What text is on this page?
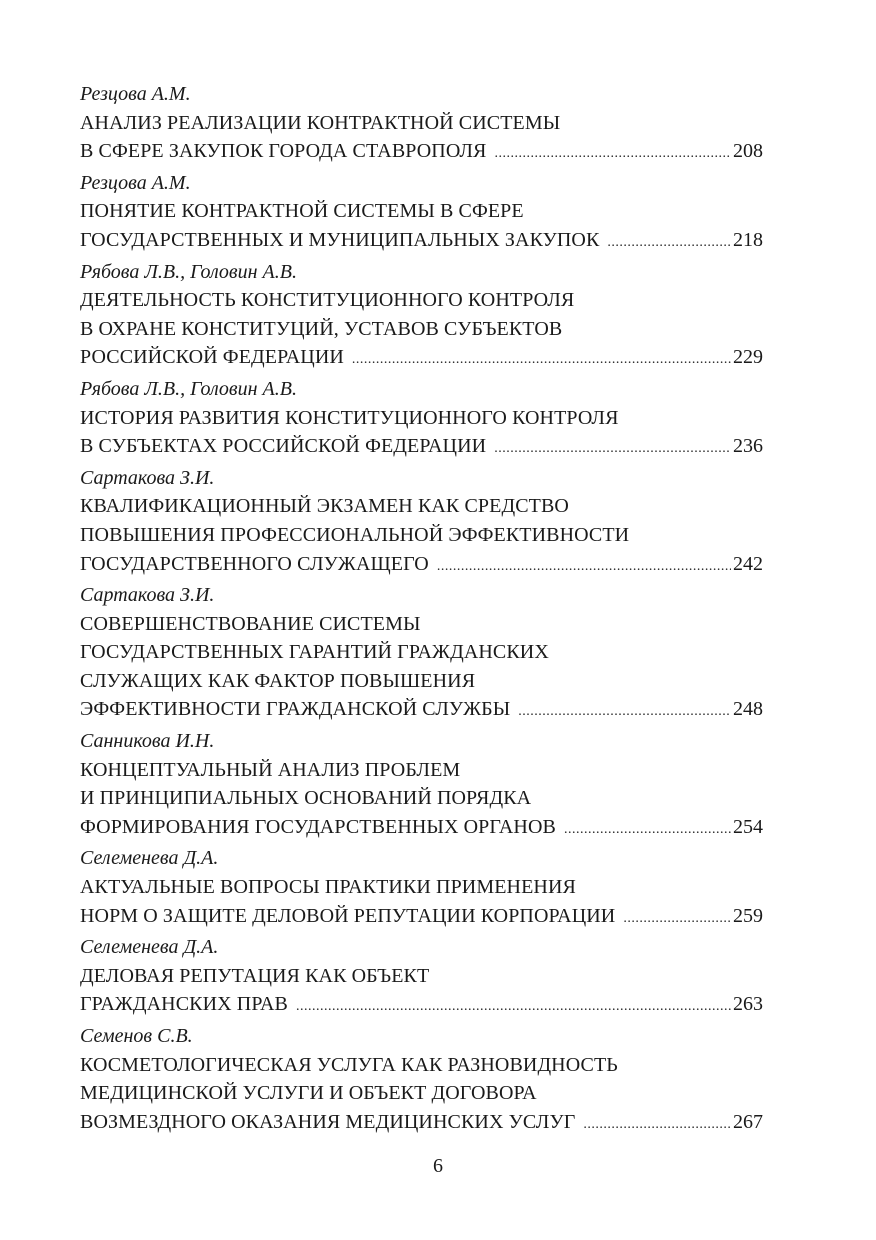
Резцова А.М.
АНАЛИЗ РЕАЛИЗАЦИИ КОНТРАКТНОЙ СИСТЕМЫ
В СФЕРЕ ЗАКУПОК ГОРОДА СТАВРОПОЛЯ .....	208
Резцова А.М.
ПОНЯТИЕ КОНТРАКТНОЙ СИСТЕМЫ В СФЕРЕ
ГОСУДАРСТВЕННЫХ И МУНИЦИПАЛЬНЫХ ЗАКУПОК .....	218
Рябова Л.В., Головин А.В.
ДЕЯТЕЛЬНОСТЬ КОНСТИТУЦИОННОГО КОНТРОЛЯ
В ОХРАНЕ КОНСТИТУЦИЙ, УСТАВОВ СУБЪЕКТОВ
РОССИЙСКОЙ ФЕДЕРАЦИИ .....	229
Рябова Л.В., Головин А.В.
ИСТОРИЯ РАЗВИТИЯ КОНСТИТУЦИОННОГО КОНТРОЛЯ
В СУБЪЕКТАХ РОССИЙСКОЙ ФЕДЕРАЦИИ .....	236
Сартакова З.И.
КВАЛИФИКАЦИОННЫЙ ЭКЗАМЕН КАК СРЕДСТВО
ПОВЫШЕНИЯ ПРОФЕССИОНАЛЬНОЙ ЭФФЕКТИВНОСТИ
ГОСУДАРСТВЕННОГО СЛУЖАЩЕГО .....	242
Сартакова З.И.
СОВЕРШЕНСТВОВАНИЕ СИСТЕМЫ
ГОСУДАРСТВЕННЫХ ГАРАНТИЙ ГРАЖДАНСКИХ
СЛУЖАЩИХ КАК ФАКТОР ПОВЫШЕНИЯ
ЭФФЕКТИВНОСТИ ГРАЖДАНСКОЙ СЛУЖБЫ .....	248
Санникова И.Н.
КОНЦЕПТУАЛЬНЫЙ АНАЛИЗ ПРОБЛЕМ
И ПРИНЦИПИАЛЬНЫХ ОСНОВАНИЙ ПОРЯДКА
ФОРМИРОВАНИЯ ГОСУДАРСТВЕННЫХ ОРГАНОВ .....	254
Селеменева Д.А.
АКТУАЛЬНЫЕ ВОПРОСЫ ПРАКТИКИ ПРИМЕНЕНИЯ
НОРМ О ЗАЩИТЕ ДЕЛОВОЙ РЕПУТАЦИИ КОРПОРАЦИИ .....	259
Селеменева Д.А.
ДЕЛОВАЯ РЕПУТАЦИЯ КАК ОБЪЕКТ
ГРАЖДАНСКИХ ПРАВ .....	263
Семенов С.В.
КОСМЕТОЛОГИЧЕСКАЯ УСЛУГА КАК РАЗНОВИДНОСТЬ
МЕДИЦИНСКОЙ УСЛУГИ И ОБЪЕКТ ДОГОВОРА
ВОЗМЕЗДНОГО ОКАЗАНИЯ МЕДИЦИНСКИХ УСЛУГ .....	267
6
